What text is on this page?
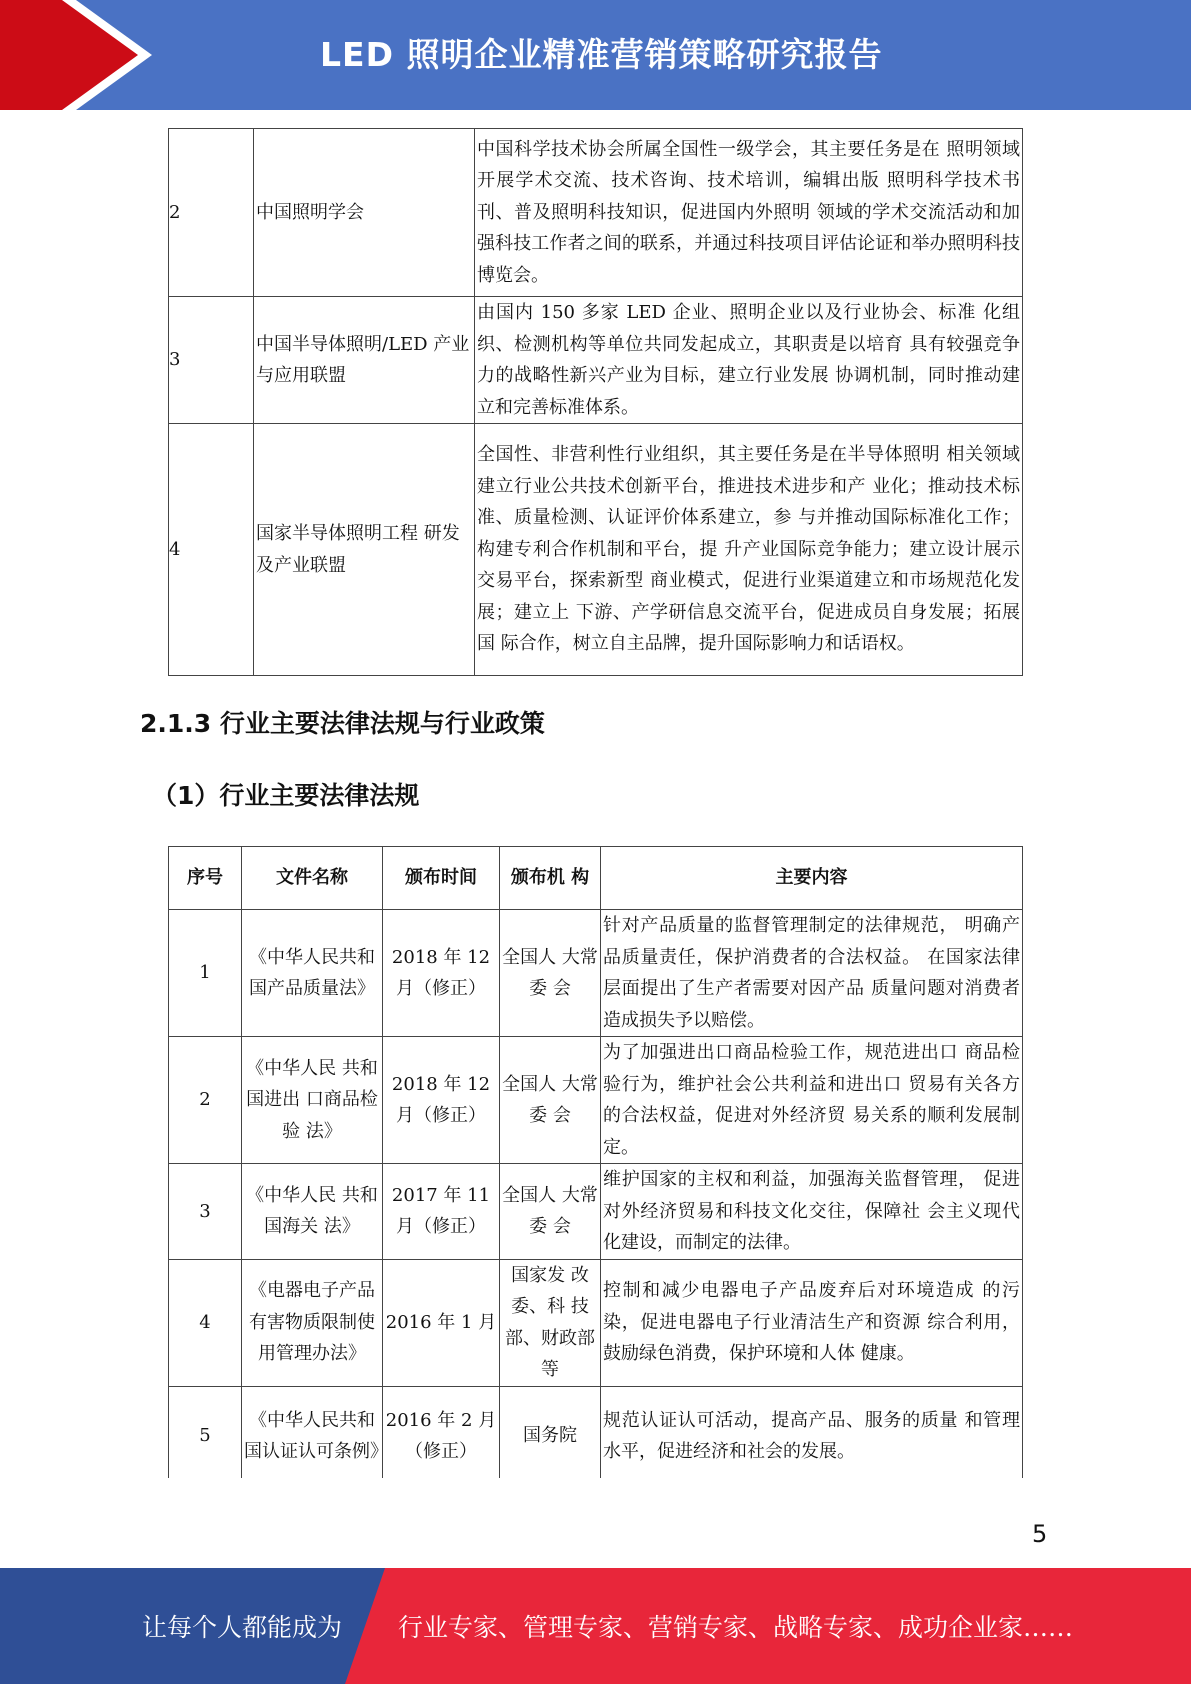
LED 照明企业精准营销策略研究报告
2	中国照明学会	中国科学技术协会所属全国性一级学会，其主要任务是在 照明领域开展学术交流、技术咨询、技术培训，编辑出版 照明科学技术书刊、普及照明科技知识，促进国内外照明 领域的学术交流活动和加强科技工作者之间的联系，并通过科技项目评估论证和举办照明科技博览会。
3	中国半导体照明/LED 产业与应用联盟	由国内 150 多家 LED 企业、照明企业以及行业协会、标准 化组织、检测机构等单位共同发起成立，其职责是以培育 具有较强竞争力的战略性新兴产业为目标，建立行业发展 协调机制，同时推动建立和完善标准体系。
4	国家半导体照明工程 研发及产业联盟	全国性、非营利性行业组织，其主要任务是在半导体照明 相关领域建立行业公共技术创新平台，推进技术进步和产 业化；推动技术标准、质量检测、认证评价体系建立，参 与并推动国际标准化工作；构建专利合作机制和平台，提 升产业国际竞争能力；建立设计展示交易平台，探索新型 商业模式，促进行业渠道建立和市场规范化发展；建立上 下游、产学研信息交流平台，促进成员自身发展；拓展国 际合作，树立自主品牌，提升国际影响力和话语权。
2.1.3 行业主要法律法规与行业政策
（1）行业主要法律法规
序号	文件名称	颁布时间	颁布机 构	主要内容
1	《中华人民共和国产品质量法》	2018 年 12 月（修正）	全国人 大常委 会	针对产品质量的监督管理制定的法律规范， 明确产品质量责任，保护消费者的合法权益。 在国家法律层面提出了生产者需要对因产品 质量问题对消费者造成损失予以赔偿。
2	《中华人民 共和国进出 口商品检验 法》	2018 年 12 月（修正）	全国人 大常委 会	为了加强进出口商品检验工作，规范进出口 商品检验行为，维护社会公共利益和进出口 贸易有关各方的合法权益，促进对外经济贸 易关系的顺利发展制定。
3	《中华人民 共和国海关 法》	2017 年 11 月（修正）	全国人 大常委 会	维护国家的主权和利益，加强海关监督管理， 促进对外经济贸易和科技文化交往，保障社 会主义现代化建设，而制定的法律。
4	《电器电子产品有害物质限制使用管理办法》	2016 年 1 月	国家发 改委、科 技部、财政部等	控制和减少电器电子产品废弃后对环境造成 的污染，促进电器电子行业清洁生产和资源 综合利用，鼓励绿色消费，保护环境和人体 健康。
5	《中华人民共和国认证认可条例》	2016 年 2 月（修正）	国务院	规范认证认可活动，提高产品、服务的质量 和管理水平，促进经济和社会的发展。
5
让每个人都能成为 行业专家、管理专家、营销专家、战略专家、成功企业家……
